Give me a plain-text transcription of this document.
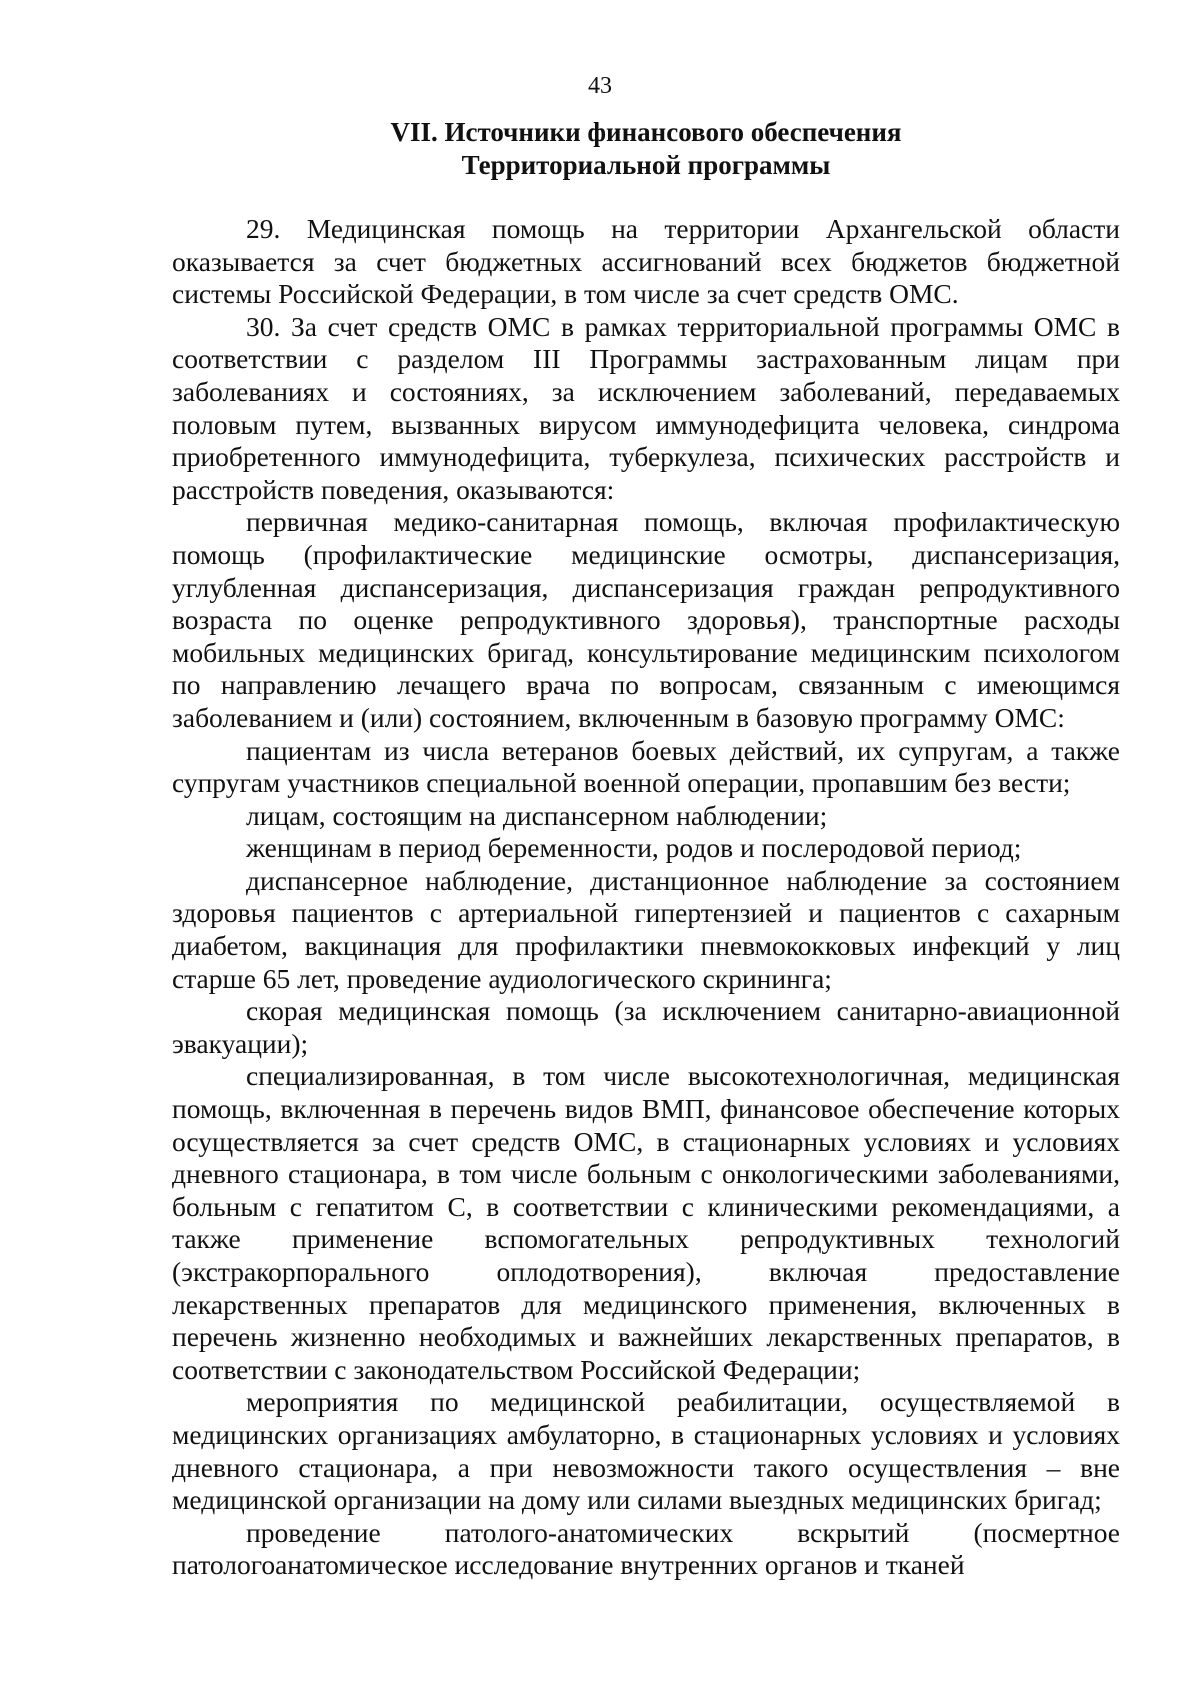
43
VII. Источники финансового обеспечения
Территориальной программы

29. Медицинская помощь на территории Архангельской области оказывается за счет бюджетных ассигнований всех бюджетов бюджетной системы Российской Федерации, в том числе за счет средств ОМС.

30. За счет средств ОМС в рамках территориальной программы ОМС в соответствии с разделом III Программы застрахованным лицам при заболеваниях и состояниях, за исключением заболеваний, передаваемых половым путем, вызванных вирусом иммунодефицита человека, синдрома приобретенного иммунодефицита, туберкулеза, психических расстройств и расстройств поведения, оказываются:

первичная медико-санитарная помощь, включая профилактическую помощь (профилактические медицинские осмотры, диспансеризация, углубленная диспансеризация, диспансеризация граждан репродуктивного возраста по оценке репродуктивного здоровья), транспортные расходы мобильных медицинских бригад, консультирование медицинским психологом по направлению лечащего врача по вопросам, связанным с имеющимся заболеванием и (или) состоянием, включенным в базовую программу ОМС:

пациентам из числа ветеранов боевых действий, их супругам, а также супругам участников специальной военной операции, пропавшим без вести;

лицам, состоящим на диспансерном наблюдении;

женщинам в период беременности, родов и послеродовой период;

диспансерное наблюдение, дистанционное наблюдение за состоянием здоровья пациентов с артериальной гипертензией и пациентов с сахарным диабетом, вакцинация для профилактики пневмококковых инфекций у лиц старше 65 лет, проведение аудиологического скрининга;

скорая медицинская помощь (за исключением санитарно-авиационной эвакуации);

специализированная, в том числе высокотехнологичная, медицинская помощь, включенная в перечень видов ВМП, финансовое обеспечение которых осуществляется за счет средств ОМС, в стационарных условиях и условиях дневного стационара, в том числе больным с онкологическими заболеваниями, больным с гепатитом С, в соответствии с клиническими рекомендациями, а также применение вспомогательных репродуктивных технологий (экстракорпорального оплодотворения), включая предоставление лекарственных препаратов для медицинского применения, включенных в перечень жизненно необходимых и важнейших лекарственных препаратов, в соответствии с законодательством Российской Федерации;

мероприятия по медицинской реабилитации, осуществляемой в медицинских организациях амбулаторно, в стационарных условиях и условиях дневного стационара, а при невозможности такого осуществления – вне медицинской организации на дому или силами выездных медицинских бригад;

проведение патолого-анатомических вскрытий (посмертное патологоанатомическое исследование внутренних органов и тканей
